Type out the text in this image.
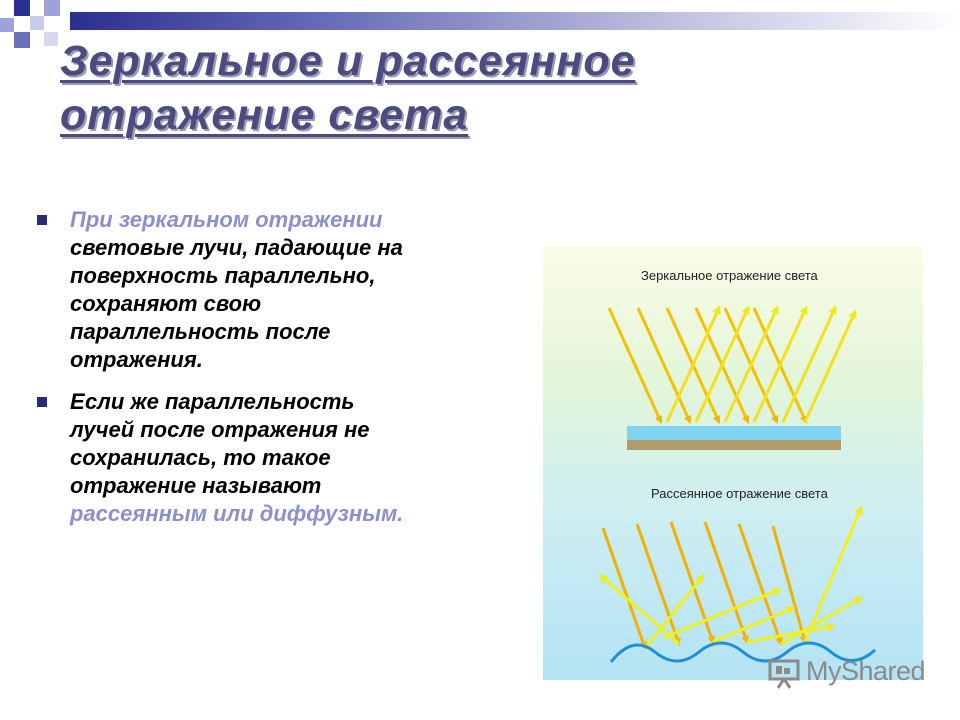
Зеркальное и рассеянное
отражение света
При зеркальном отражении световые лучи, падающие на поверхность параллельно, сохраняют свою параллельность после отражения.
Если же параллельность лучей после отражения не сохранилась, то такое отражение называют рассеянным или диффузным.
Зеркальное отражение света
Рассеянное отражение света
MyShared
